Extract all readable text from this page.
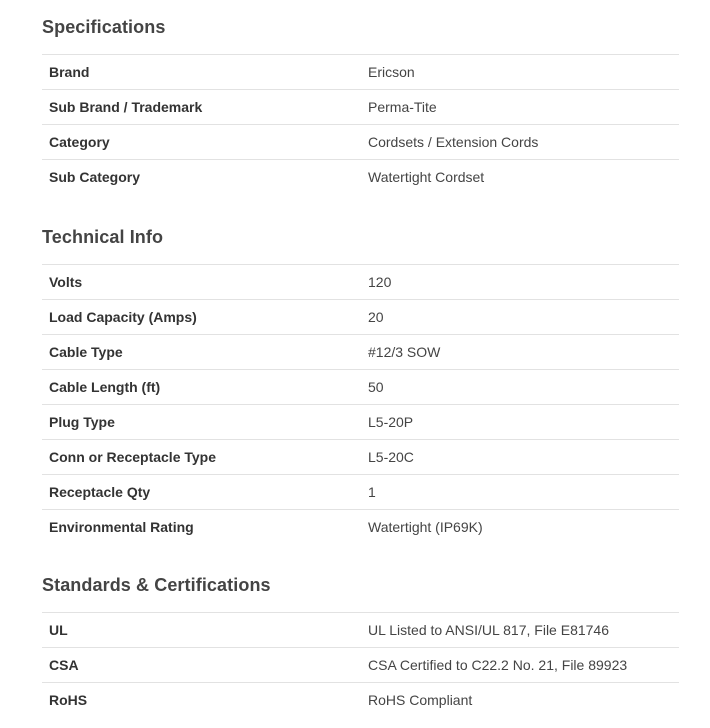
Specifications
Brand	Ericson
Sub Brand / Trademark	Perma-Tite
Category	Cordsets / Extension Cords
Sub Category	Watertight Cordset
Technical Info
Volts	120
Load Capacity (Amps)	20
Cable Type	#12/3 SOW
Cable Length (ft)	50
Plug Type	L5-20P
Conn or Receptacle Type	L5-20C
Receptacle Qty	1
Environmental Rating	Watertight (IP69K)
Standards & Certifications
UL	UL Listed to ANSI/UL 817, File E81746
CSA	CSA Certified to C22.2 No. 21, File 89923
RoHS	RoHS Compliant
